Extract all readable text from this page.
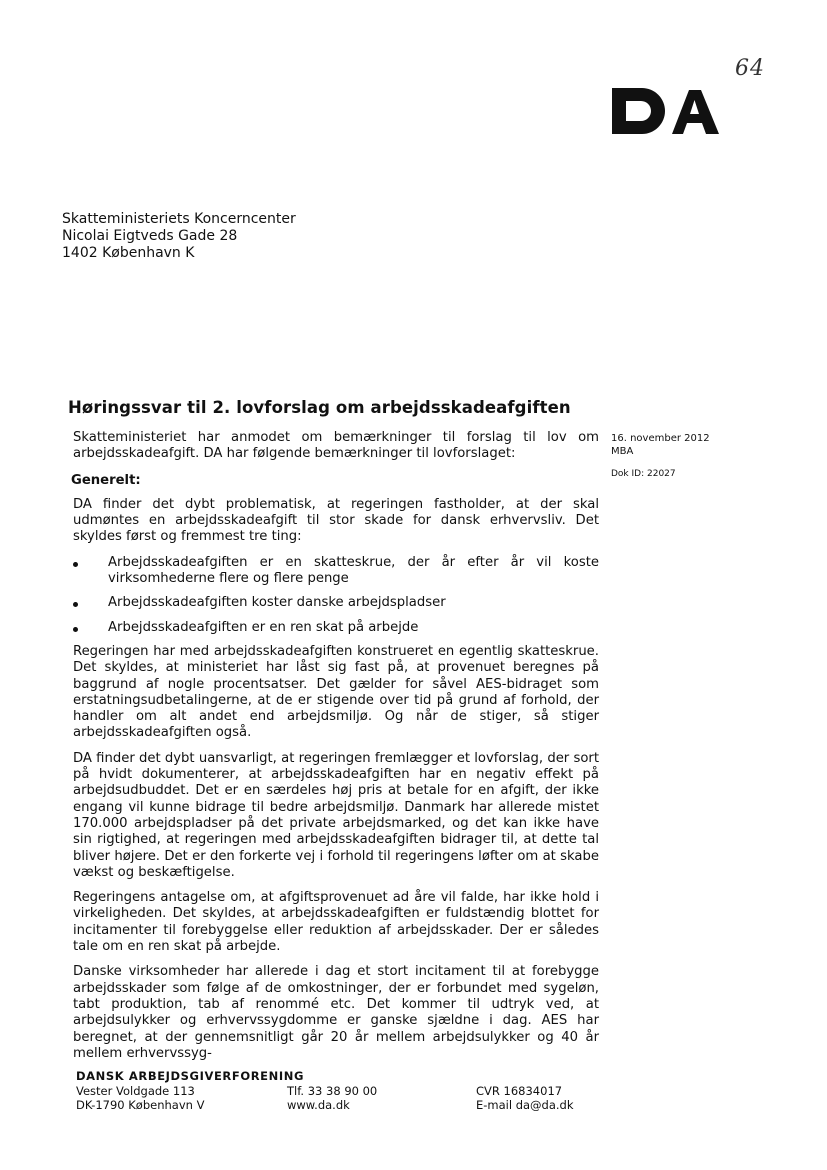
64
Skatteministeriets Koncerncenter
Nicolai Eigtveds Gade 28
1402 København K
Høringssvar til 2. lovforslag om arbejdsskadeafgiften
16. november 2012
MBA
Dok ID: 22027

Skatteministeriet har anmodet om bemærkninger til forslag til lov om arbejdsskadeafgift. DA har følgende bemærkninger til lovforslaget:

Generelt:

DA finder det dybt problematisk, at regeringen fastholder, at der skal udmøntes en arbejdsskadeafgift til stor skade for dansk erhvervsliv. Det skyldes først og fremmest tre ting:

Arbejdsskadeafgiften er en skatteskrue, der år efter år vil koste virksomhederne flere og flere penge
Arbejdsskadeafgiften koster danske arbejdspladser
Arbejdsskadeafgiften er en ren skat på arbejde

Regeringen har med arbejdsskadeafgiften konstrueret en egentlig skatteskrue. Det skyldes, at ministeriet har låst sig fast på, at provenuet beregnes på baggrund af nogle procentsatser. Det gælder for såvel AES-bidraget som erstatningsudbetalingerne, at de er stigende over tid på grund af forhold, der handler om alt andet end arbejdsmiljø. Og når de stiger, så stiger arbejdsskadeafgiften også.

DA finder det dybt uansvarligt, at regeringen fremlægger et lovforslag, der sort på hvidt dokumenterer, at arbejdsskadeafgiften har en negativ effekt på arbejdsudbuddet. Det er en særdeles høj pris at betale for en afgift, der ikke engang vil kunne bidrage til bedre arbejdsmiljø. Danmark har allerede mistet 170.000 arbejdspladser på det private arbejdsmarked, og det kan ikke have sin rigtighed, at regeringen med arbejdsskadeafgiften bidrager til, at dette tal bliver højere. Det er den forkerte vej i forhold til regeringens løfter om at skabe vækst og beskæftigelse.

Regeringens antagelse om, at afgiftsprovenuet ad åre vil falde, har ikke hold i virkeligheden. Det skyldes, at arbejdsskadeafgiften er fuldstændig blottet for incitamenter til forebyggelse eller reduktion af arbejdsskader. Der er således tale om en ren skat på arbejde.

Danske virksomheder har allerede i dag et stort incitament til at forebygge arbejdsskader som følge af de omkostninger, der er forbundet med sygeløn, tabt produktion, tab af renommé etc. Det kommer til udtryk ved, at arbejdsulykker og erhvervssygdomme er ganske sjældne i dag. AES har beregnet, at der gennemsnitligt går 20 år mellem arbejdsulykker og 40 år mellem erhvervssyg-

DANSK ARBEJDSGIVERFORENING
Vester Voldgade 113
DK-1790 København V
Tlf. 33 38 90 00
www.da.dk
CVR 16834017
E-mail da@da.dk
